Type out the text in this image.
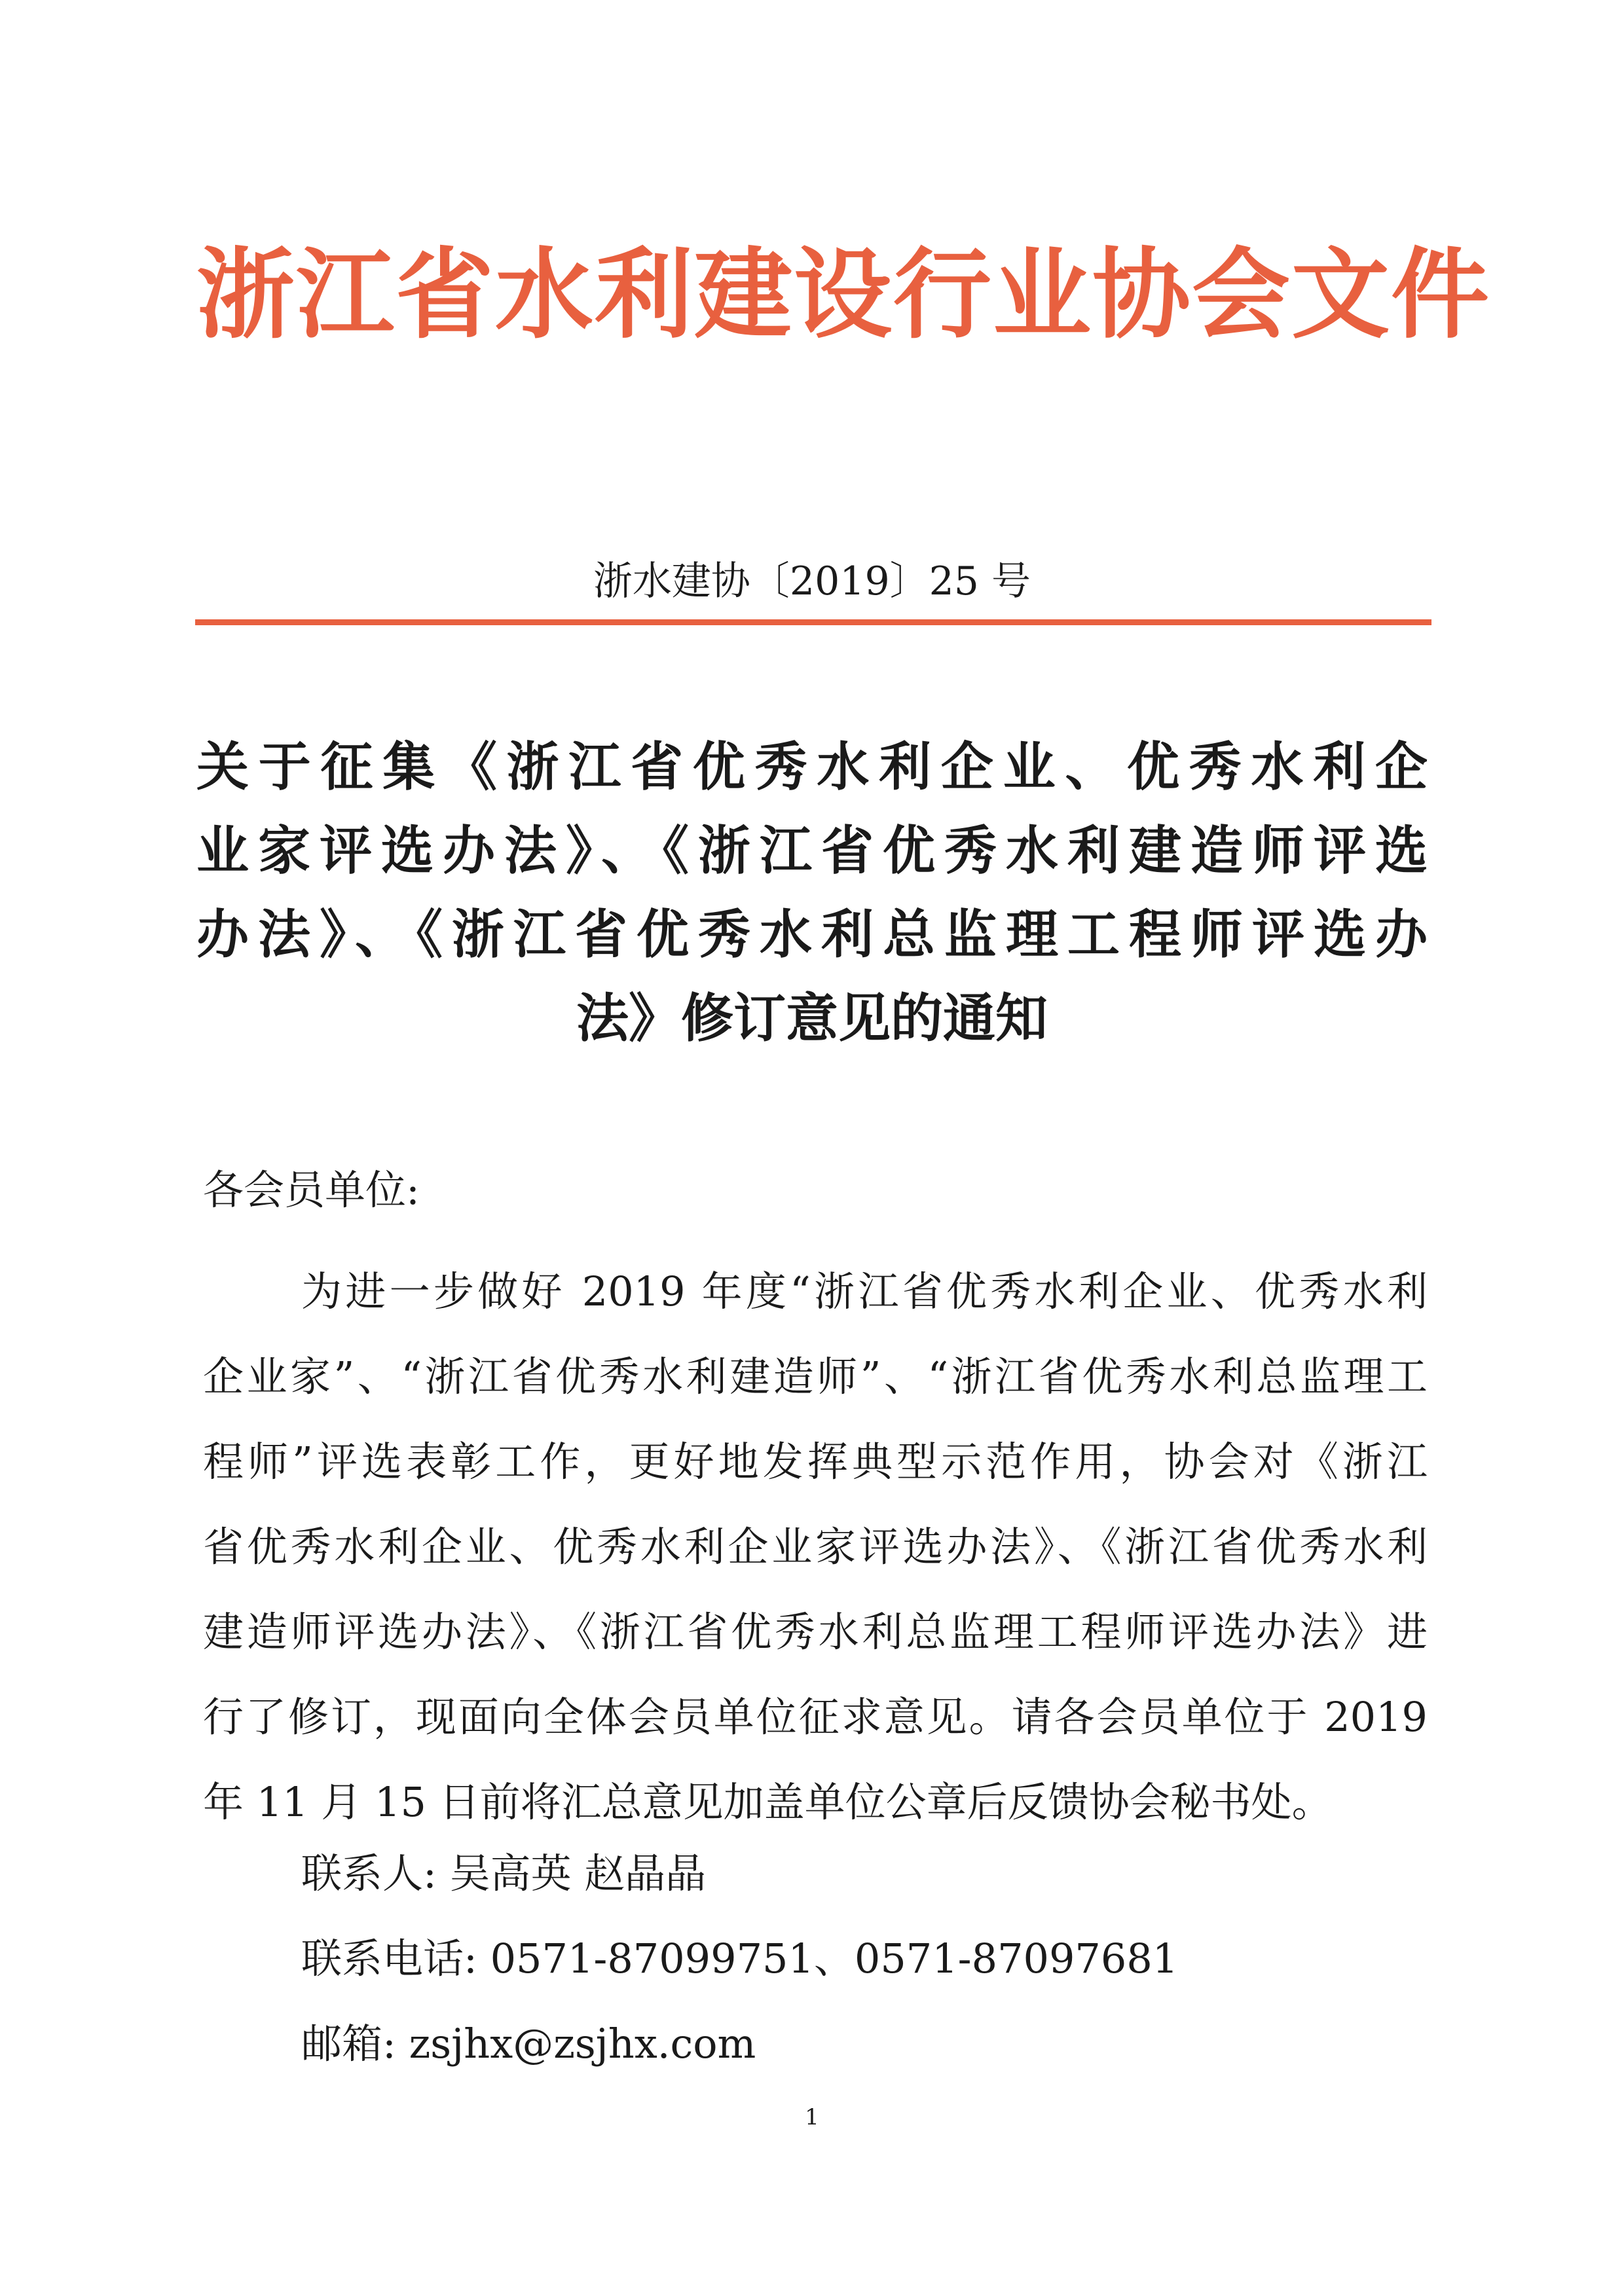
浙江省水利建设行业协会文件
浙水建协〔2019〕25 号
关于征集《浙江省优秀水利企业、优秀水利企
业家评选办法》、《浙江省优秀水利建造师评选
办法》、《浙江省优秀水利总监理工程师评选办
法》修订意见的通知
各会员单位:
为进一步做好 2019 年度“浙江省优秀水利企业、优秀水利
企业家”、“浙江省优秀水利建造师”、“浙江省优秀水利总监理工
程师”评选表彰工作，更好地发挥典型示范作用，协会对《浙江
省优秀水利企业、优秀水利企业家评选办法》、《浙江省优秀水利
建造师评选办法》、《浙江省优秀水利总监理工程师评选办法》进
行了修订，现面向全体会员单位征求意见。请各会员单位于 2019
年 11 月 15 日前将汇总意见加盖单位公章后反馈协会秘书处。
联系人: 吴高英 赵晶晶
联系电话: 0571-87099751、0571-87097681
邮箱: zsjhx@zsjhx.com
1
